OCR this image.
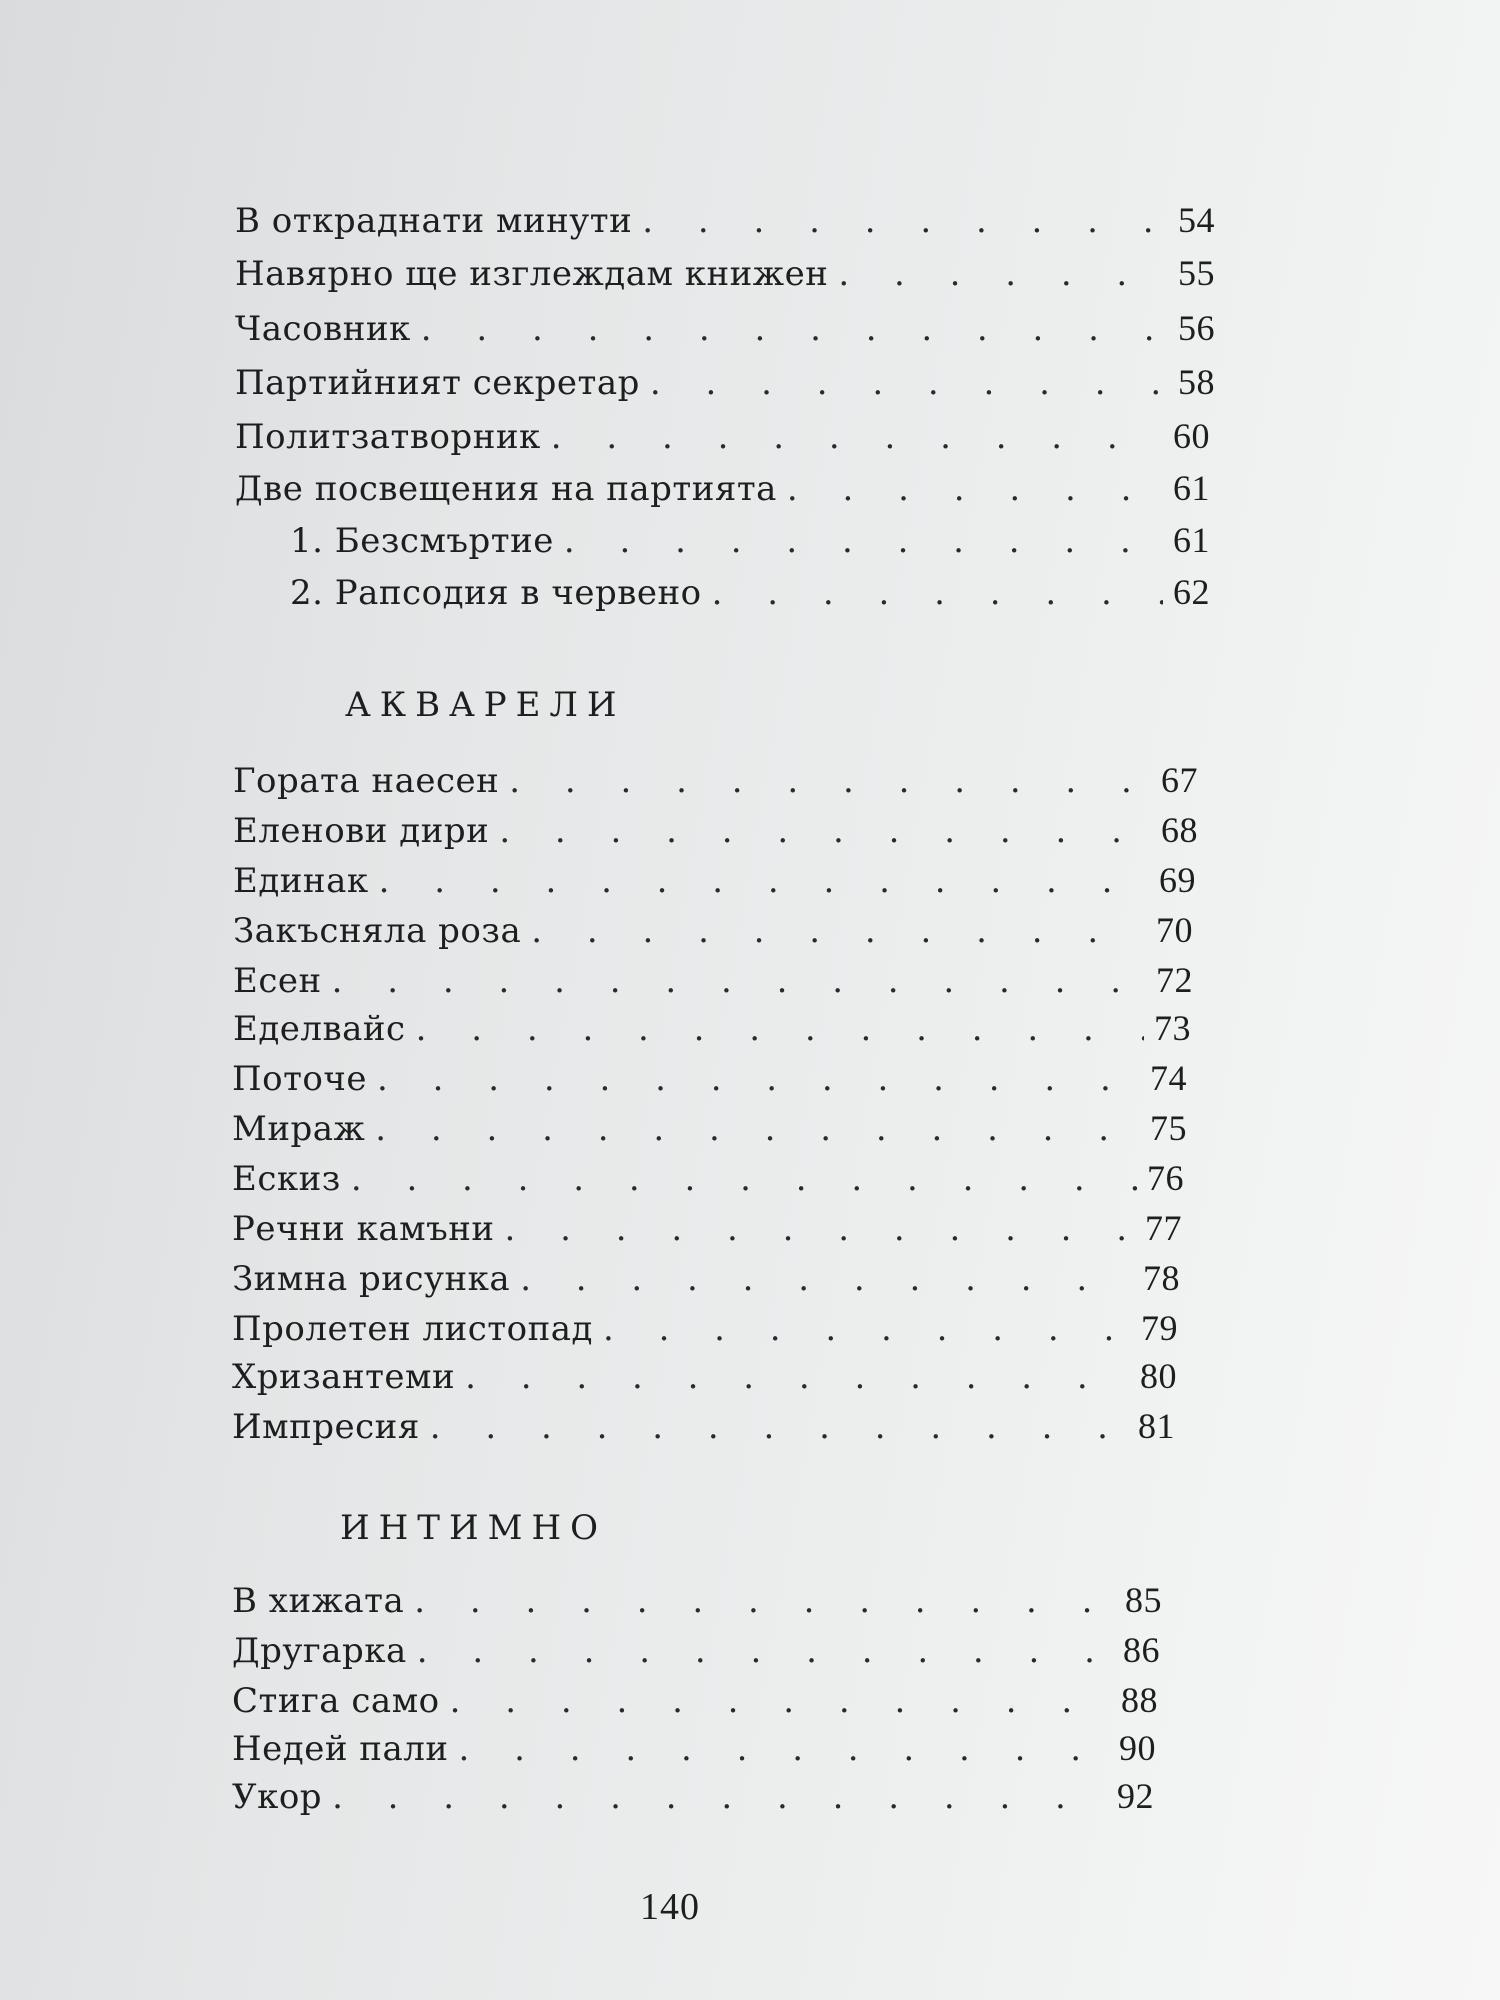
В откраднати минути . . .	54
Навярно ще изглеждам книжен . . .	55
Часовник . . .	56
Партийният секретар . . .	58
Политзатворник . . .	60
Две посвещения на партията . . .	61
1. Безсмъртие . . .	61
2. Рапсодия в червено . . .	62
АКВАРЕЛИ
Гората наесен . . .	67
Еленови дири . . .	68
Единак . . .	69
Закъсняла роза . . .	70
Есен . . .	72
Еделвайс . . .	73
Поточе . . .	74
Мираж . . .	75
Ескиз . . .	76
Речни камъни . . .	77
Зимна рисунка . . .	78
Пролетен листопад . . .	79
Хризантеми . . .	80
Импресия . . .	81
ИНТИМНО
В хижата . . .	85
Другарка . . .	86
Стига само . . .	88
Недей пали . . .	90
Укор . . .	92
140
